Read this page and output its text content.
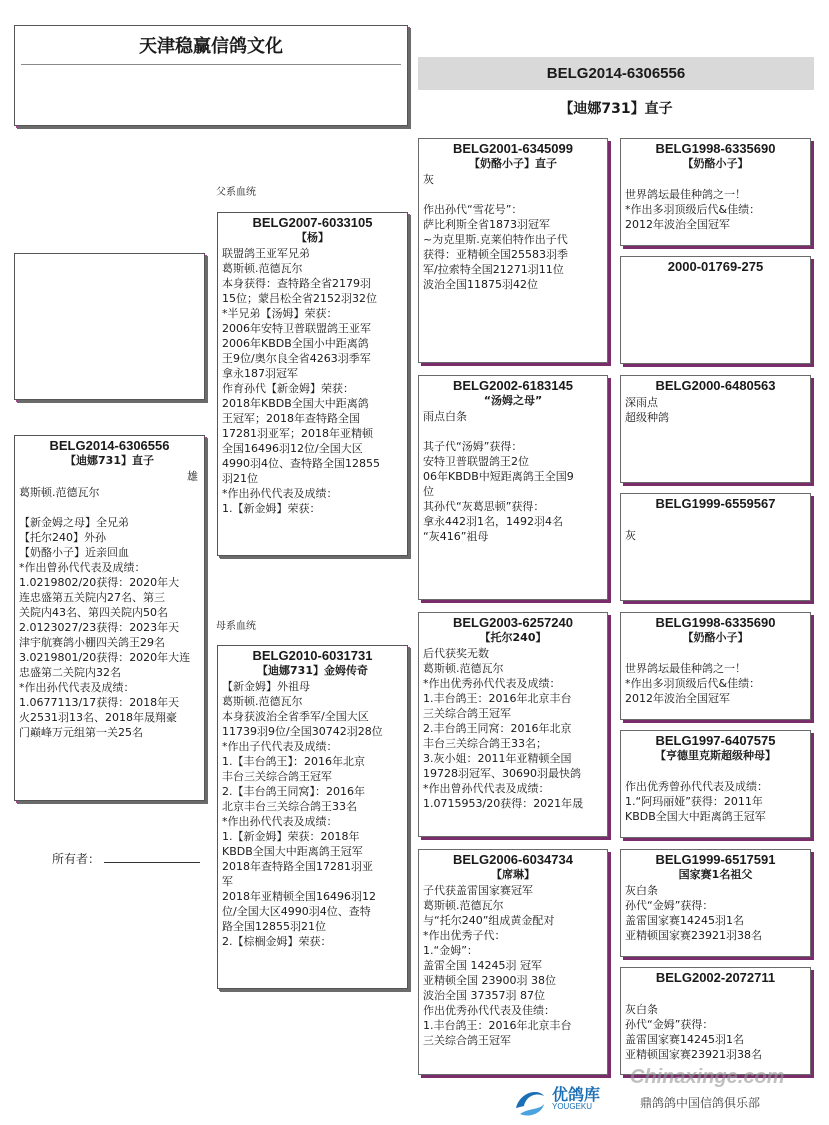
天津稳赢信鸽文化
BELG2014-6306556
【迪娜731】直子
父系血统
母系血统
BELG2014-6306556
【迪娜731】直子
雄
葛斯顿.范德瓦尔
【新金姆之母】全兄弟
【托尔240】外孙
【奶酪小子】近亲回血
*作出曾孙代代表及成绩：
1.0219802/20获得：2020年大
连忠盛第五关院内27名、第三
关院内43名、第四关院内50名
2.0123027/23获得：2023年天
津宇航赛鸽小棚四关鸽王29名
3.0219801/20获得：2020年大连
忠盛第二关院内32名
*作出孙代代表及成绩：
1.0677113/17获得：2018年天
火2531羽13名、2018年晟翔豪
门巅峰万元组第一关25名
BELG2007-6033105
【杨】
联盟鸽王亚军兄弟
葛斯顿.范德瓦尔
本身获得：查特路全省2179羽
15位；蒙吕松全省2152羽32位
*半兄弟【汤姆】荣获：
2006年安特卫普联盟鸽王亚军
2006年KBDB全国小中距离鸽
王9位/奥尔良全省4263羽季军
拿永187羽冠军
作育孙代【新金姆】荣获：
2018年KBDB全国大中距离鸽
王冠军；2018年查特路全国
17281羽亚军；2018年亚精顿
全国16496羽12位/全国大区
4990羽4位、查特路全国12855
羽21位
*作出孙代代表及成绩：
1.【新金姆】荣获：
BELG2010-6031731
【迪娜731】金姆传奇
【新金姆】外祖母
葛斯顿.范德瓦尔
本身获波治全省季军/全国大区
11739羽9位/全国30742羽28位
*作出子代代表及成绩：
1.【丰台鸽王】：2016年北京
丰台三关综合鸽王冠军
2.【丰台鸽王同窝】：2016年
北京丰台三关综合鸽王33名
*作出孙代代表及成绩：
1.【新金姆】荣获：2018年
KBDB全国大中距离鸽王冠军
2018年查特路全国17281羽亚
军
2018年亚精顿全国16496羽12
位/全国大区4990羽4位、查特
路全国12855羽21位
2.【棕榈金姆】荣获：
BELG2001-6345099
【奶酪小子】直子
灰
作出孙代“雪花号”：
萨比利斯全省1873羽冠军
~为克里斯.克莱伯特作出子代
获得：亚精顿全国25583羽季
军/拉索特全国21271羽11位
波治全国11875羽42位
BELG2002-6183145
“汤姆之母”
雨点白条
其子代“汤姆”获得：
安特卫普联盟鸽王2位
06年KBDB中短距离鸽王全国9
位
其孙代“灰葛思顿”获得：
拿永442羽1名，1492羽4名
“灰416”祖母
BELG2003-6257240
【托尔240】
后代获奖无数
葛斯顿.范德瓦尔
*作出优秀孙代代表及成绩：
1.丰台鸽王：2016年北京丰台
三关综合鸽王冠军
2.丰台鸽王同窝：2016年北京
丰台三关综合鸽王33名；
3.灰小姐：2011年亚精顿全国
19728羽冠军、30690羽最快鸽
*作出曾孙代代表及成绩：
1.0715953/20获得：2021年晟
BELG2006-6034734
【席琳】
子代获盖雷国家赛冠军
葛斯顿.范德瓦尔
与“托尔240”组成黄金配对
*作出优秀子代：
1.“金姆”：
盖雷全国 14245羽 冠军
亚精顿全国 23900羽 38位
波治全国 37357羽 87位
作出优秀孙代代表及佳绩：
1.丰台鸽王：2016年北京丰台
三关综合鸽王冠军
BELG1998-6335690
【奶酪小子】
世界鸽坛最佳种鸽之一！
*作出多羽顶级后代&佳绩：
2012年波治全国冠军
2000-01769-275
BELG2000-6480563
深雨点
超级种鸽
BELG1999-6559567
灰
BELG1998-6335690
【奶酪小子】
世界鸽坛最佳种鸽之一！
*作出多羽顶级后代&佳绩：
2012年波治全国冠军
BELG1997-6407575
【亨德里克斯超级种母】
作出优秀曾孙代代表及成绩：
1.“阿玛丽娅”获得：2011年
KBDB全国大中距离鸽王冠军
BELG1999-6517591
国家赛1名祖父
灰白条
孙代“金姆”获得：
盖雷国家赛14245羽1名
亚精顿国家赛23921羽38名
BELG2002-2072711
灰白条
孙代“金姆”获得：
盖雷国家赛14245羽1名
亚精顿国家赛23921羽38名
所有者：
优鸽库
YOUGEKU	鼎鸽鸽中国信鸽俱乐部
Chinaxinge.com
